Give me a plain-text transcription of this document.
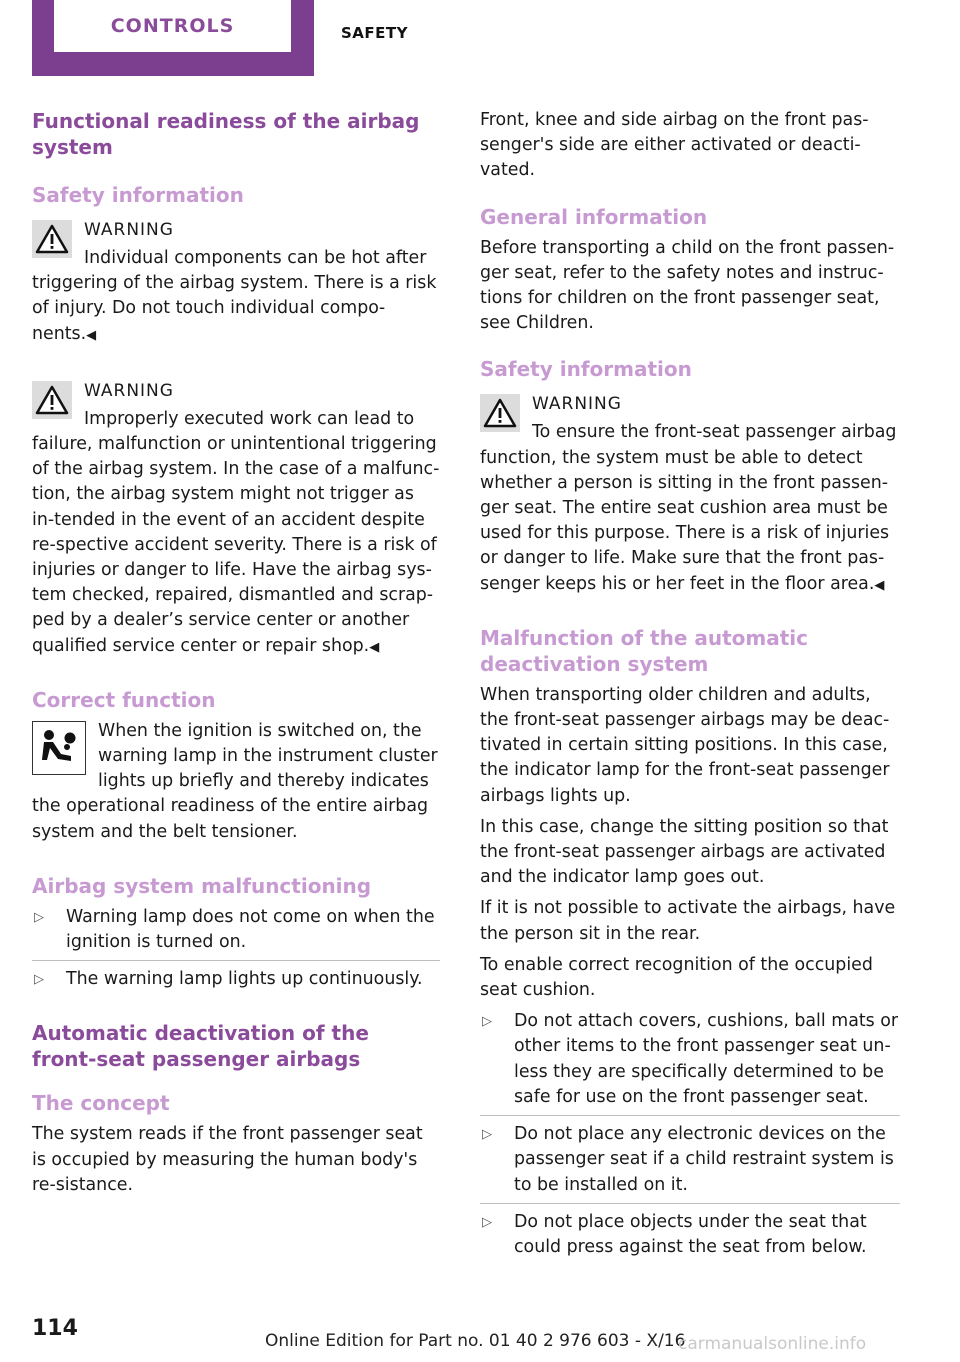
CONTROLS	SAFETY
Functional readiness of the airbag system
Safety information
WARNING
Individual components can be hot after triggering of the airbag system. There is a risk of injury. Do not touch individual compo‐nents.◀
WARNING
Improperly executed work can lead to failure, malfunction or unintentional triggering of the airbag system. In the case of a malfunc‐tion, the airbag system might not trigger as in‐tended in the event of an accident despite re‐spective accident severity. There is a risk of injuries or danger to life. Have the airbag sys‐tem checked, repaired, dismantled and scrap‐ped by a dealer’s service center or another qualified service center or repair shop.◀
Correct function
When the ignition is switched on, the warning lamp in the instrument cluster lights up briefly and thereby indicates the operational readiness of the entire airbag system and the belt tensioner.
Airbag system malfunctioning
▷ Warning lamp does not come on when the ignition is turned on.
▷ The warning lamp lights up continuously.
Automatic deactivation of the front-seat passenger airbags
The concept
The system reads if the front passenger seat is occupied by measuring the human body's re‐sistance.
Front, knee and side airbag on the front pas‐senger's side are either activated or deacti‐vated.
General information
Before transporting a child on the front passen‐ger seat, refer to the safety notes and instruc‐tions for children on the front passenger seat, see Children.
Safety information
WARNING
To ensure the front-seat passenger airbag function, the system must be able to detect whether a person is sitting in the front passen‐ger seat. The entire seat cushion area must be used for this purpose. There is a risk of injuries or danger to life. Make sure that the front pas‐senger keeps his or her feet in the floor area.◀
Malfunction of the automatic deactivation system
When transporting older children and adults, the front-seat passenger airbags may be deac‐tivated in certain sitting positions. In this case, the indicator lamp for the front-seat passenger airbags lights up.
In this case, change the sitting position so that the front-seat passenger airbags are activated and the indicator lamp goes out.
If it is not possible to activate the airbags, have the person sit in the rear.
To enable correct recognition of the occupied seat cushion.
▷ Do not attach covers, cushions, ball mats or other items to the front passenger seat un‐less they are specifically determined to be safe for use on the front passenger seat.
▷ Do not place any electronic devices on the passenger seat if a child restraint system is to be installed on it.
▷ Do not place objects under the seat that could press against the seat from below.
114	Online Edition for Part no. 01 40 2 976 603 - X/16
carmanualsonline.info
